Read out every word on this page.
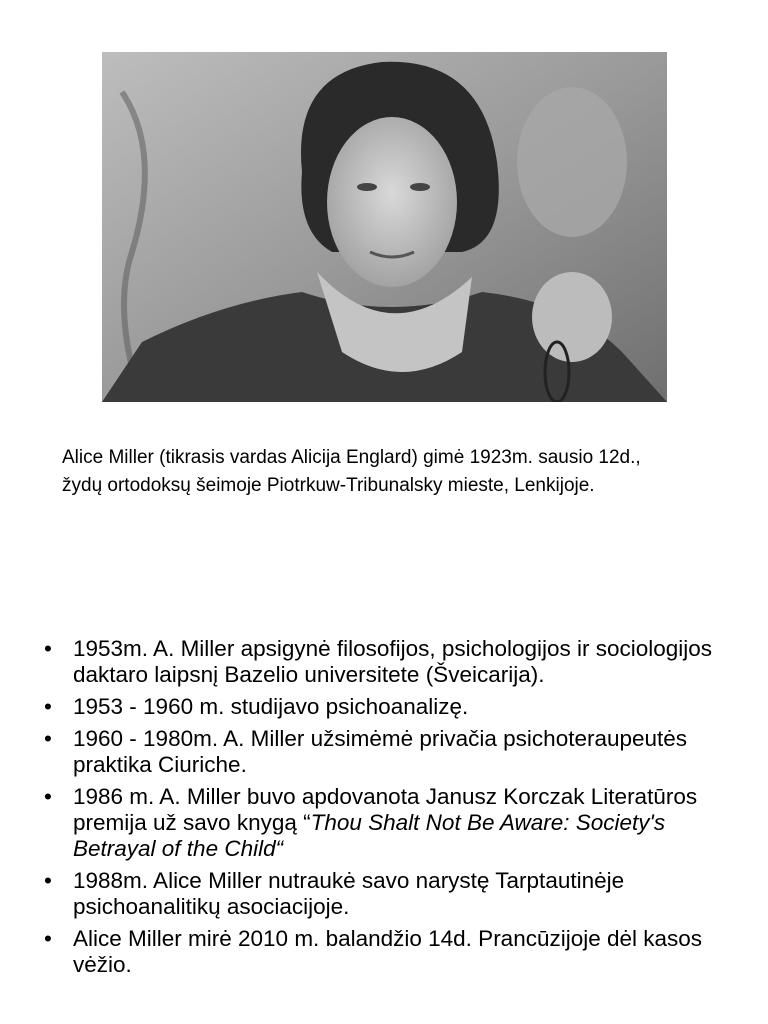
Alice Miller (tikrasis vardas Alicija Englard) gimė 1923m. sausio 12d.,

žydų ortodoksų šeimoje Piotrkuw-Tribunalsky mieste, Lenkijoje.

• 1953m. A. Miller apsigynė filosofijos, psichologijos ir sociologijos daktaro laipsnį Bazelio universitete (Šveicarija).
• 1953 - 1960 m. studijavo psichoanalizę.
• 1960 - 1980m. A. Miller užsimėmė privačia psichoteraupeutės praktika Ciuriche.
• 1986 m. A. Miller buvo apdovanota Janusz Korczak Literatūros premija už savo knygą “Thou Shalt Not Be Aware: Society's Betrayal of the Child“
• 1988m. Alice Miller nutraukė savo narystę Tarptautinėje psichoanalitikų asociacijoje.
• Alice Miller mirė 2010 m. balandžio 14d. Prancūzijoje dėl kasos vėžio.
